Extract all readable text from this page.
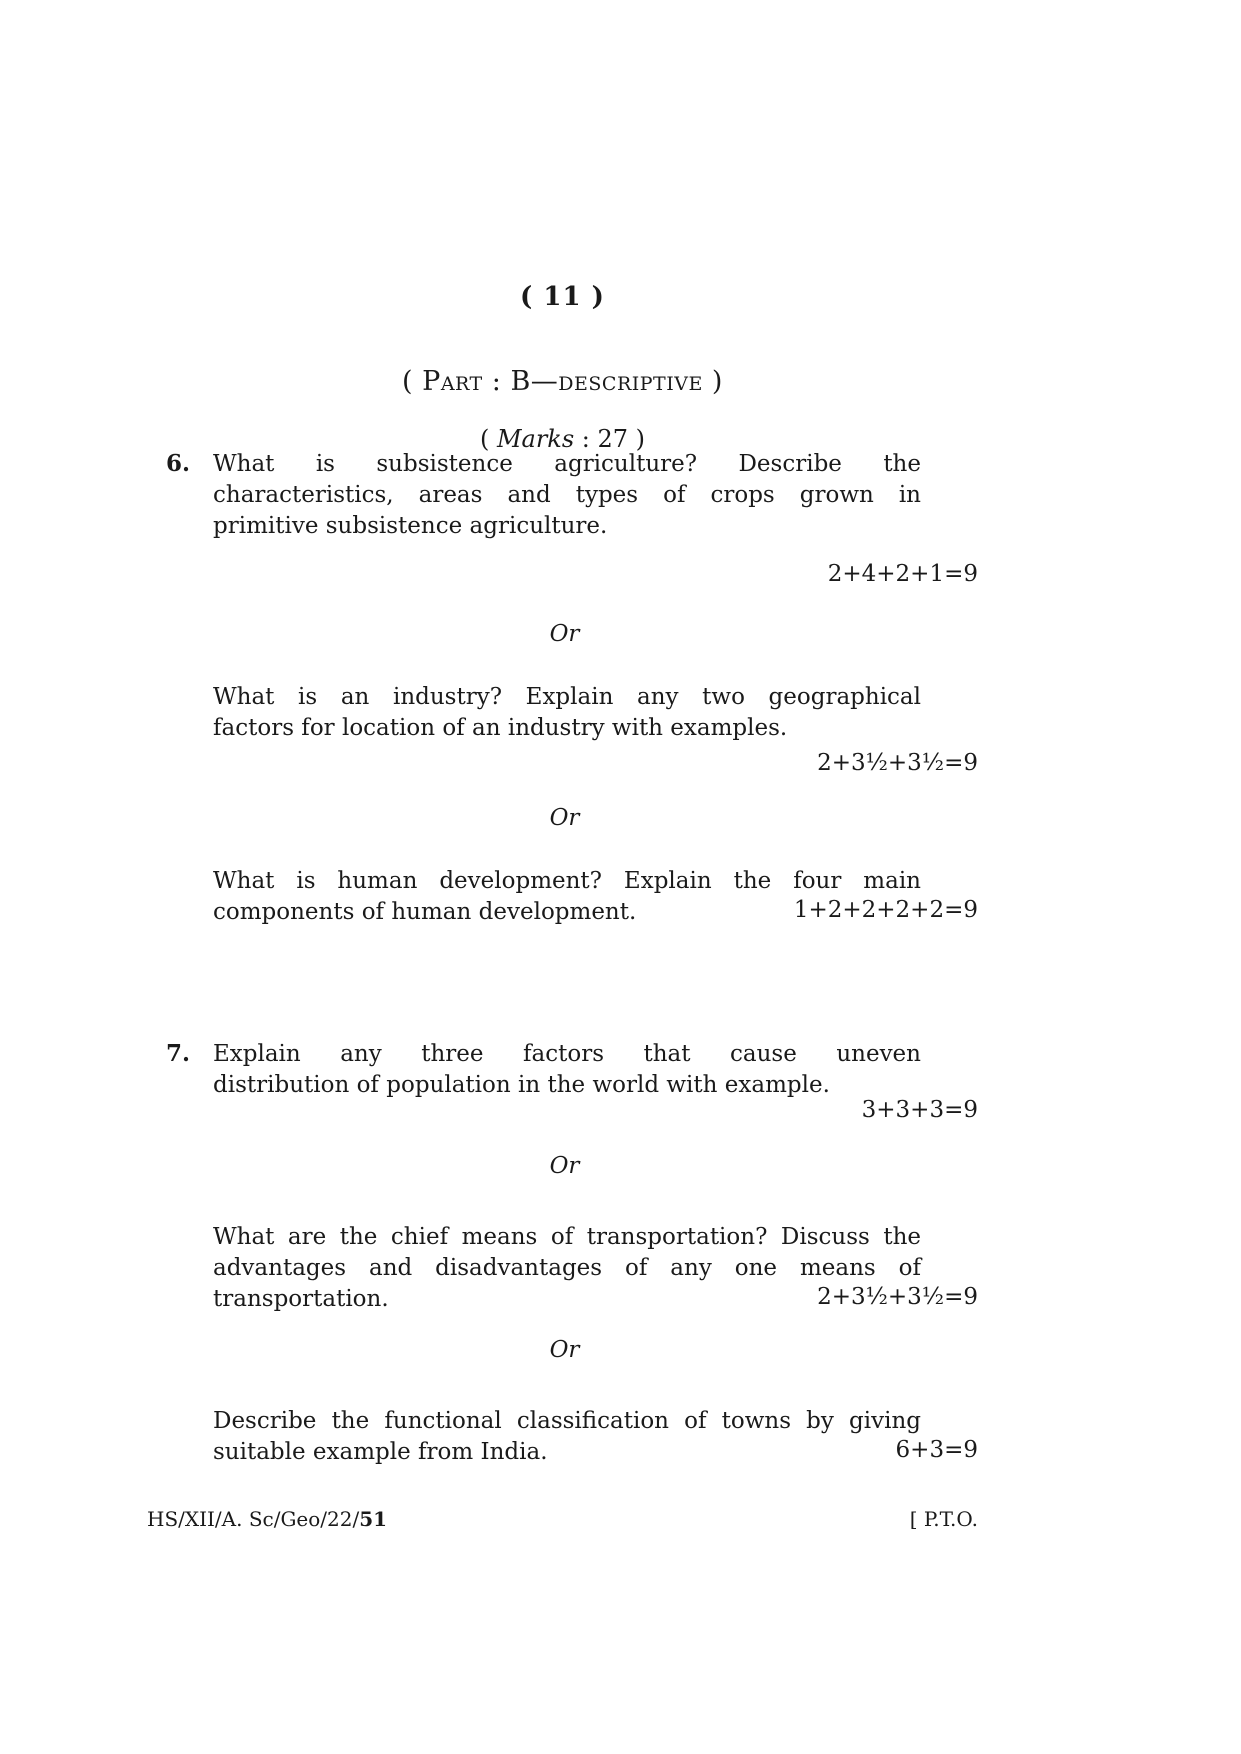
( 11 )
( Part : B—descriptive )
( Marks : 27 )
6. What is subsistence agriculture? Describe the
characteristics, areas and types of crops grown in
primitive subsistence agriculture.
2+4+2+1=9
Or
What is an industry? Explain any two geographical
factors for location of an industry with examples.
2+3½+3½=9
Or
What is human development? Explain the four main
components of human development.	1+2+2+2+2=9
7. Explain any three factors that cause uneven
distribution of population in the world with example.
3+3+3=9
Or
What are the chief means of transportation? Discuss the
advantages and disadvantages of any one means of
transportation.	2+3½+3½=9
Or
Describe the functional classification of towns by giving
suitable example from India.	6+3=9
HS/XII/A. Sc/Geo/22/51	[ P.T.O.
